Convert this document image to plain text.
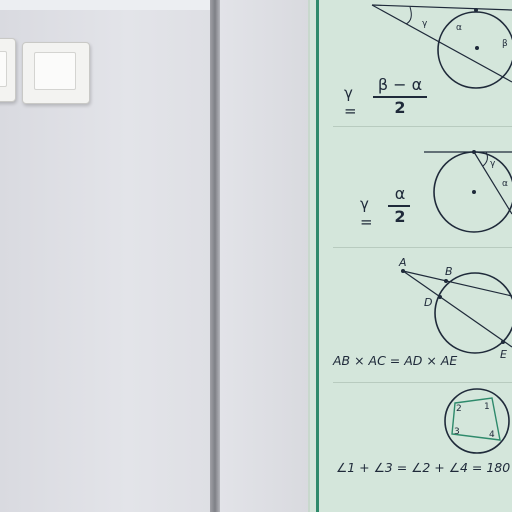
γ =
β − α
2
γ =
α
2
AB × AC = AD × AE
∠1 + ∠3 = ∠2 + ∠4 = 180
γ	α
β
γ
α
A
B
D
E
1
2
3	4
